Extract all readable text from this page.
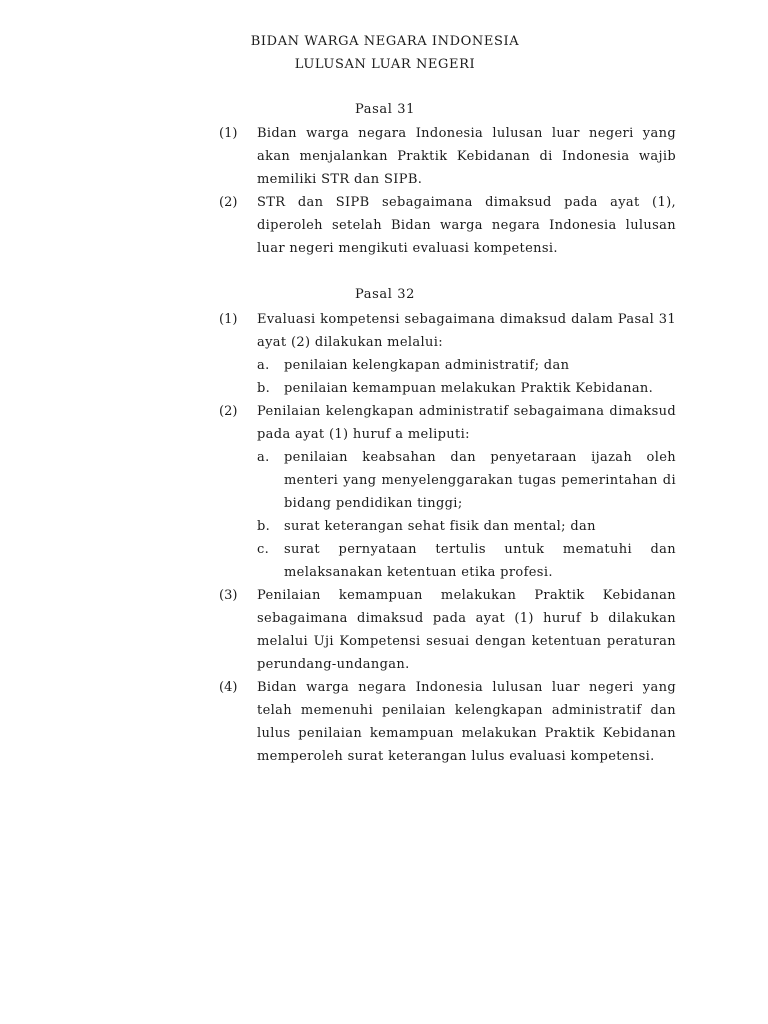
BIDAN WARGA NEGARA INDONESIA
LULUSAN LUAR NEGERI
Pasal 31
(1)	Bidan warga negara Indonesia lulusan luar negeri yang akan menjalankan Praktik Kebidanan di Indonesia wajib memiliki STR dan SIPB.
(2)	STR dan SIPB sebagaimana dimaksud pada ayat (1), diperoleh setelah Bidan warga negara Indonesia lulusan luar negeri mengikuti evaluasi kompetensi.
Pasal 32
(1)	Evaluasi kompetensi sebagaimana dimaksud dalam Pasal 31 ayat (2) dilakukan melalui:
a.	penilaian kelengkapan administratif; dan
b.	penilaian kemampuan melakukan Praktik Kebidanan.
(2)	Penilaian kelengkapan administratif sebagaimana dimaksud pada ayat (1) huruf a meliputi:
a.	penilaian keabsahan dan penyetaraan ijazah oleh menteri yang menyelenggarakan tugas pemerintahan di bidang pendidikan tinggi;
b.	surat keterangan sehat fisik dan mental; dan
c.	surat pernyataan tertulis untuk mematuhi dan melaksanakan ketentuan etika profesi.
(3)	Penilaian kemampuan melakukan Praktik Kebidanan sebagaimana dimaksud pada ayat (1) huruf b dilakukan melalui Uji Kompetensi sesuai dengan ketentuan peraturan perundang-undangan.
(4)	Bidan warga negara Indonesia lulusan luar negeri yang telah memenuhi penilaian kelengkapan administratif dan lulus penilaian kemampuan melakukan Praktik Kebidanan memperoleh surat keterangan lulus evaluasi kompetensi.
